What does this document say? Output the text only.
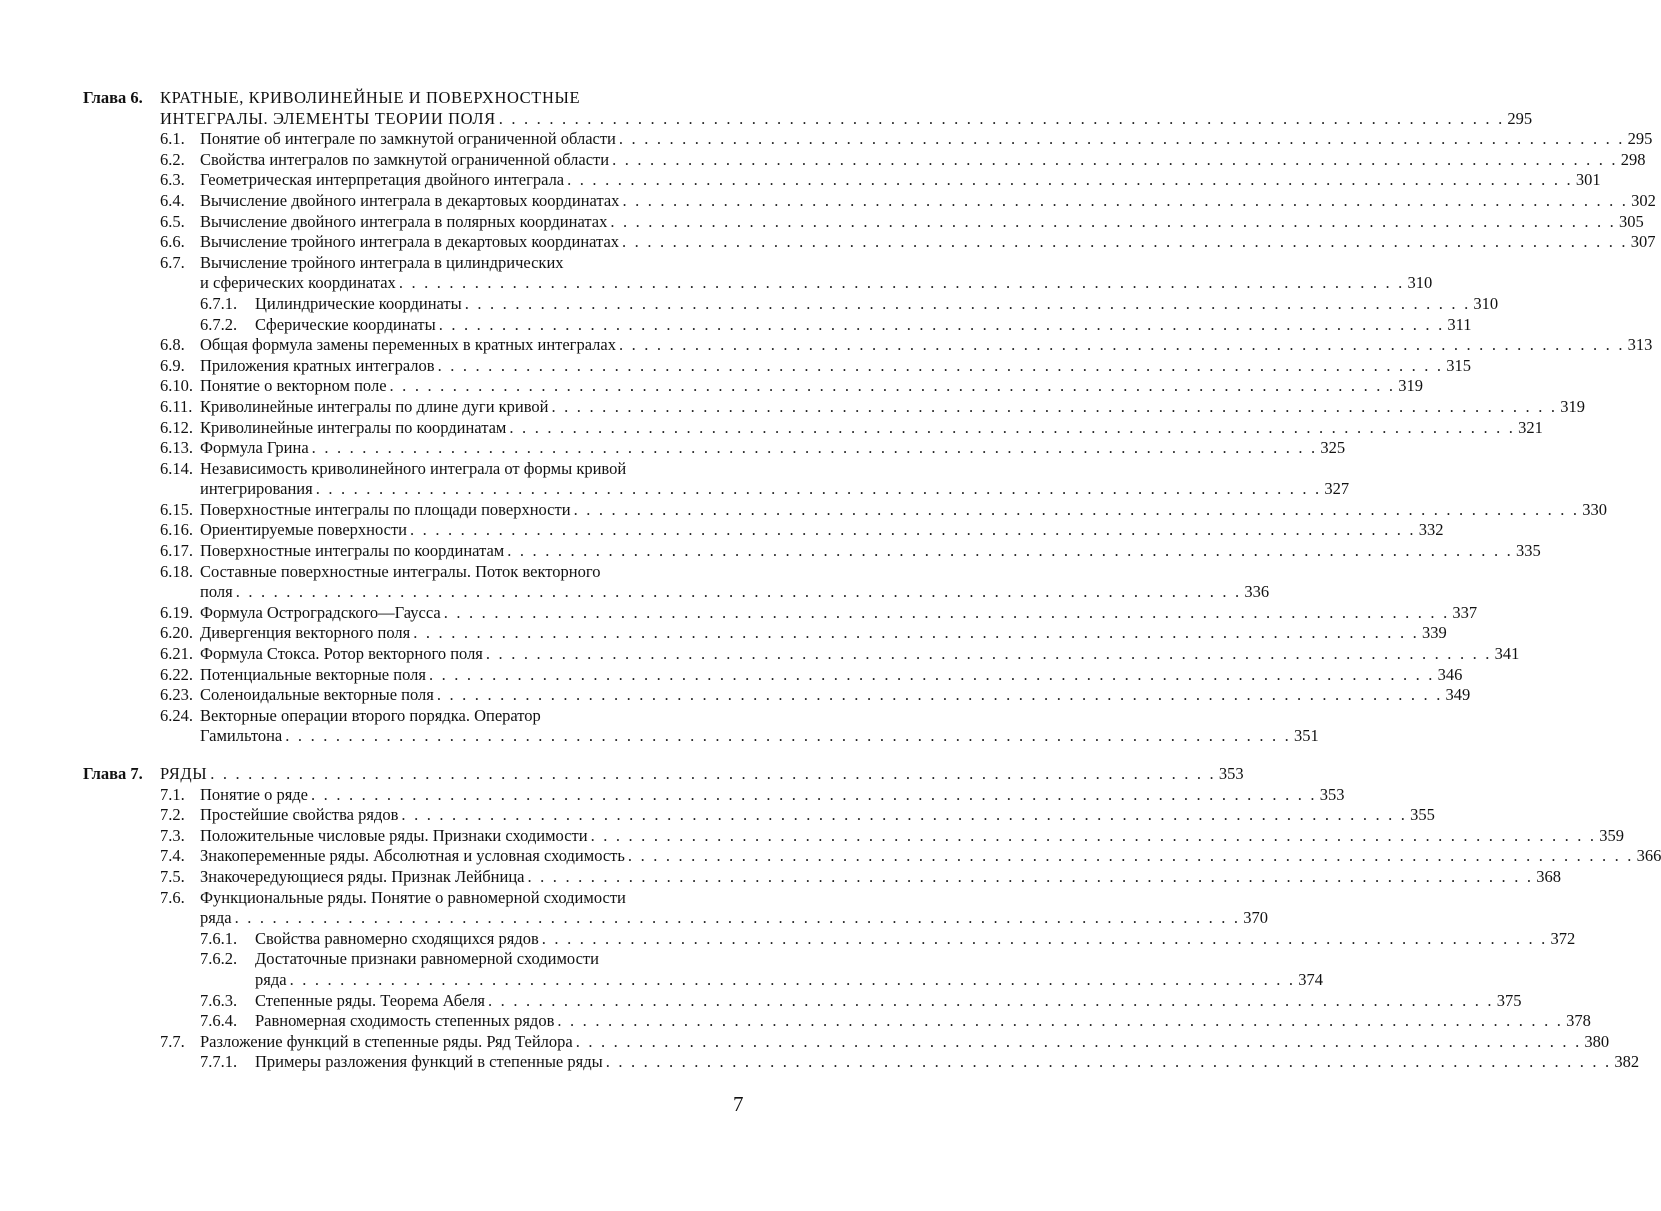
Глава 6. КРАТНЫЕ, КРИВОЛИНЕЙНЫЕ И ПОВЕРХНОСТНЫЕ
ИНТЕГРАЛЫ. ЭЛЕМЕНТЫ ТЕОРИИ ПОЛЯ . . . . . . . . . . . . . . . . . . . . . . . . . . . . . . . . . . . . . . . . . . . . . . . . . . . . . . . . . . . . . . . . . . . . . . . . . . . . . . . . 295
6.1. Понятие об интеграле по замкнутой ограниченной области . . . . . . . . . . . . . . . . . . . . . . . . . . . . . . . . . . . . . . . . . . . . . . . . . . . . . . . . . . . . . . . . . . . . . . . . . . . . . . . . 295
6.2. Свойства интегралов по замкнутой ограниченной области . . . . . . . . . . . . . . . . . . . . . . . . . . . . . . . . . . . . . . . . . . . . . . . . . . . . . . . . . . . . . . . . . . . . . . . . . . . . . . . . 298
6.3. Геометрическая интерпретация двойного интеграла . . . . . . . . . . . . . . . . . . . . . . . . . . . . . . . . . . . . . . . . . . . . . . . . . . . . . . . . . . . . . . . . . . . . . . . . . . . . . . . . 301
6.4. Вычисление двойного интеграла в декартовых координатах . . . . . . . . . . . . . . . . . . . . . . . . . . . . . . . . . . . . . . . . . . . . . . . . . . . . . . . . . . . . . . . . . . . . . . . . . . . . . . . . 302
6.5. Вычисление двойного интеграла в полярных координатах . . . . . . . . . . . . . . . . . . . . . . . . . . . . . . . . . . . . . . . . . . . . . . . . . . . . . . . . . . . . . . . . . . . . . . . . . . . . . . . . 305
6.6. Вычисление тройного интеграла в декартовых координатах . . . . . . . . . . . . . . . . . . . . . . . . . . . . . . . . . . . . . . . . . . . . . . . . . . . . . . . . . . . . . . . . . . . . . . . . . . . . . . . . 307
6.7. Вычисление тройного интеграла в цилиндрических
и сферических координатах . . . . . . . . . . . . . . . . . . . . . . . . . . . . . . . . . . . . . . . . . . . . . . . . . . . . . . . . . . . . . . . . . . . . . . . . . . . . . . . . 310
6.7.1. Цилиндрические координаты . . . . . . . . . . . . . . . . . . . . . . . . . . . . . . . . . . . . . . . . . . . . . . . . . . . . . . . . . . . . . . . . . . . . . . . . . . . . . . . . 310
6.7.2. Сферические координаты . . . . . . . . . . . . . . . . . . . . . . . . . . . . . . . . . . . . . . . . . . . . . . . . . . . . . . . . . . . . . . . . . . . . . . . . . . . . . . . . 311
6.8. Общая формула замены переменных в кратных интегралах . . . . . . . . . . . . . . . . . . . . . . . . . . . . . . . . . . . . . . . . . . . . . . . . . . . . . . . . . . . . . . . . . . . . . . . . . . . . . . . . 313
6.9. Приложения кратных интегралов . . . . . . . . . . . . . . . . . . . . . . . . . . . . . . . . . . . . . . . . . . . . . . . . . . . . . . . . . . . . . . . . . . . . . . . . . . . . . . . . 315
6.10. Понятие о векторном поле . . . . . . . . . . . . . . . . . . . . . . . . . . . . . . . . . . . . . . . . . . . . . . . . . . . . . . . . . . . . . . . . . . . . . . . . . . . . . . . . 319
6.11. Криволинейные интегралы по длине дуги кривой . . . . . . . . . . . . . . . . . . . . . . . . . . . . . . . . . . . . . . . . . . . . . . . . . . . . . . . . . . . . . . . . . . . . . . . . . . . . . . . . 319
6.12. Криволинейные интегралы по координатам . . . . . . . . . . . . . . . . . . . . . . . . . . . . . . . . . . . . . . . . . . . . . . . . . . . . . . . . . . . . . . . . . . . . . . . . . . . . . . . . 321
6.13. Формула Грина . . . . . . . . . . . . . . . . . . . . . . . . . . . . . . . . . . . . . . . . . . . . . . . . . . . . . . . . . . . . . . . . . . . . . . . . . . . . . . . . 325
6.14. Независимость криволинейного интеграла от формы кривой
интегрирования . . . . . . . . . . . . . . . . . . . . . . . . . . . . . . . . . . . . . . . . . . . . . . . . . . . . . . . . . . . . . . . . . . . . . . . . . . . . . . . . 327
6.15. Поверхностные интегралы по площади поверхности . . . . . . . . . . . . . . . . . . . . . . . . . . . . . . . . . . . . . . . . . . . . . . . . . . . . . . . . . . . . . . . . . . . . . . . . . . . . . . . . 330
6.16. Ориентируемые поверхности . . . . . . . . . . . . . . . . . . . . . . . . . . . . . . . . . . . . . . . . . . . . . . . . . . . . . . . . . . . . . . . . . . . . . . . . . . . . . . . . 332
6.17. Поверхностные интегралы по координатам . . . . . . . . . . . . . . . . . . . . . . . . . . . . . . . . . . . . . . . . . . . . . . . . . . . . . . . . . . . . . . . . . . . . . . . . . . . . . . . . 335
6.18. Составные поверхностные интегралы. Поток векторного
поля . . . . . . . . . . . . . . . . . . . . . . . . . . . . . . . . . . . . . . . . . . . . . . . . . . . . . . . . . . . . . . . . . . . . . . . . . . . . . . . . 336
6.19. Формула Остроградского—Гаусса . . . . . . . . . . . . . . . . . . . . . . . . . . . . . . . . . . . . . . . . . . . . . . . . . . . . . . . . . . . . . . . . . . . . . . . . . . . . . . . . 337
6.20. Дивергенция векторного поля . . . . . . . . . . . . . . . . . . . . . . . . . . . . . . . . . . . . . . . . . . . . . . . . . . . . . . . . . . . . . . . . . . . . . . . . . . . . . . . . 339
6.21. Формула Стокса. Ротор векторного поля . . . . . . . . . . . . . . . . . . . . . . . . . . . . . . . . . . . . . . . . . . . . . . . . . . . . . . . . . . . . . . . . . . . . . . . . . . . . . . . . 341
6.22. Потенциальные векторные поля . . . . . . . . . . . . . . . . . . . . . . . . . . . . . . . . . . . . . . . . . . . . . . . . . . . . . . . . . . . . . . . . . . . . . . . . . . . . . . . . 346
6.23. Соленоидальные векторные поля . . . . . . . . . . . . . . . . . . . . . . . . . . . . . . . . . . . . . . . . . . . . . . . . . . . . . . . . . . . . . . . . . . . . . . . . . . . . . . . . 349
6.24. Векторные операции второго порядка. Оператор
Гамильтона . . . . . . . . . . . . . . . . . . . . . . . . . . . . . . . . . . . . . . . . . . . . . . . . . . . . . . . . . . . . . . . . . . . . . . . . . . . . . . . . 351
Глава 7. РЯДЫ . . . . . . . . . . . . . . . . . . . . . . . . . . . . . . . . . . . . . . . . . . . . . . . . . . . . . . . . . . . . . . . . . . . . . . . . . . . . . . . . 353
7.1. Понятие о ряде . . . . . . . . . . . . . . . . . . . . . . . . . . . . . . . . . . . . . . . . . . . . . . . . . . . . . . . . . . . . . . . . . . . . . . . . . . . . . . . . 353
7.2. Простейшие свойства рядов . . . . . . . . . . . . . . . . . . . . . . . . . . . . . . . . . . . . . . . . . . . . . . . . . . . . . . . . . . . . . . . . . . . . . . . . . . . . . . . . 355
7.3. Положительные числовые ряды. Признаки сходимости . . . . . . . . . . . . . . . . . . . . . . . . . . . . . . . . . . . . . . . . . . . . . . . . . . . . . . . . . . . . . . . . . . . . . . . . . . . . . . . . 359
7.4. Знакопеременные ряды. Абсолютная и условная сходимость . . . . . . . . . . . . . . . . . . . . . . . . . . . . . . . . . . . . . . . . . . . . . . . . . . . . . . . . . . . . . . . . . . . . . . . . . . . . . . . . 366
7.5. Знакочередующиеся ряды. Признак Лейбница . . . . . . . . . . . . . . . . . . . . . . . . . . . . . . . . . . . . . . . . . . . . . . . . . . . . . . . . . . . . . . . . . . . . . . . . . . . . . . . . 368
7.6. Функциональные ряды. Понятие о равномерной сходимости
ряда . . . . . . . . . . . . . . . . . . . . . . . . . . . . . . . . . . . . . . . . . . . . . . . . . . . . . . . . . . . . . . . . . . . . . . . . . . . . . . . . 370
7.6.1. Свойства равномерно сходящихся рядов . . . . . . . . . . . . . . . . . . . . . . . . . . . . . . . . . . . . . . . . . . . . . . . . . . . . . . . . . . . . . . . . . . . . . . . . . . . . . . . . 372
7.6.2. Достаточные признаки равномерной сходимости
ряда . . . . . . . . . . . . . . . . . . . . . . . . . . . . . . . . . . . . . . . . . . . . . . . . . . . . . . . . . . . . . . . . . . . . . . . . . . . . . . . . 374
7.6.3. Степенные ряды. Теорема Абеля . . . . . . . . . . . . . . . . . . . . . . . . . . . . . . . . . . . . . . . . . . . . . . . . . . . . . . . . . . . . . . . . . . . . . . . . . . . . . . . . 375
7.6.4. Равномерная сходимость степенных рядов . . . . . . . . . . . . . . . . . . . . . . . . . . . . . . . . . . . . . . . . . . . . . . . . . . . . . . . . . . . . . . . . . . . . . . . . . . . . . . . . 378
7.7. Разложение функций в степенные ряды. Ряд Тейлора . . . . . . . . . . . . . . . . . . . . . . . . . . . . . . . . . . . . . . . . . . . . . . . . . . . . . . . . . . . . . . . . . . . . . . . . . . . . . . . . 380
7.7.1. Примеры разложения функций в степенные ряды . . . . . . . . . . . . . . . . . . . . . . . . . . . . . . . . . . . . . . . . . . . . . . . . . . . . . . . . . . . . . . . . . . . . . . . . . . . . . . . . 382
7
